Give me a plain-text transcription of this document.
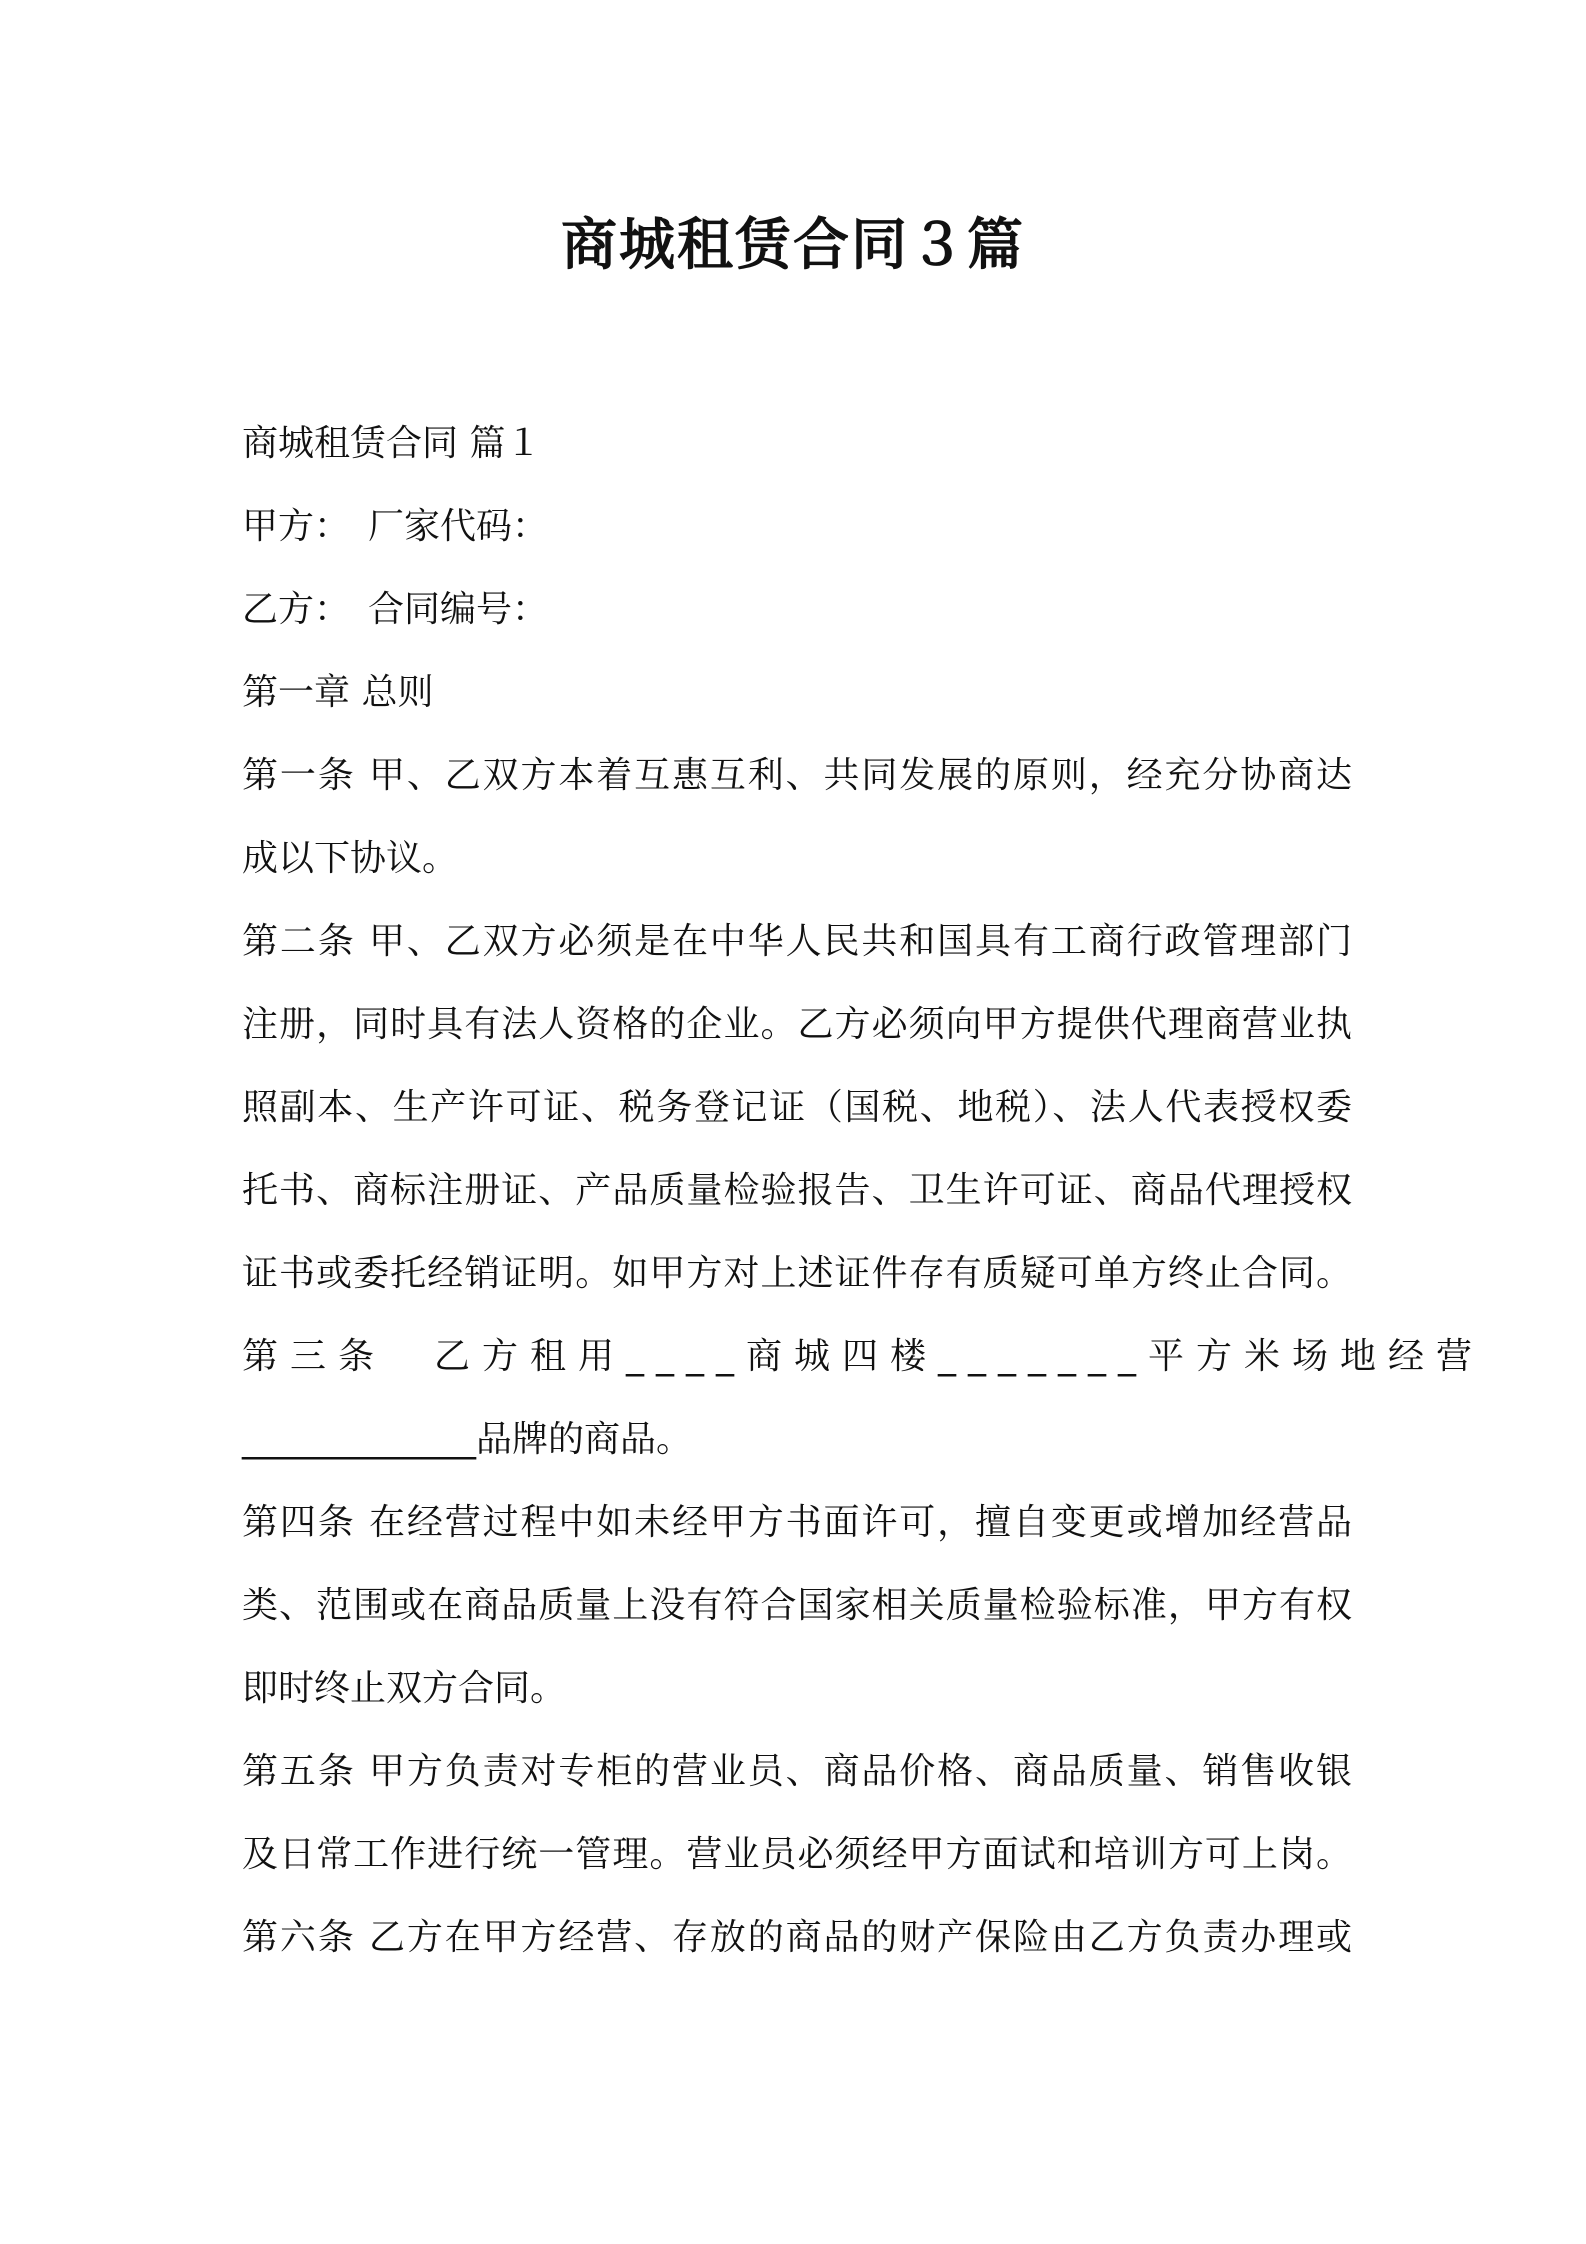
商城租赁合同３篇

商城租赁合同 篇１

甲方：　厂家代码：

乙方：　合同编号：

第一章 总则

第一条 甲、乙双方本着互惠互利、共同发展的原则，经充分协商达

成以下协议。

第二条 甲、乙双方必须是在中华人民共和国具有工商行政管理部门

注册，同时具有法人资格的企业。乙方必须向甲方提供代理商营业执

照副本、生产许可证、税务登记证（国税、地税）、法人代表授权委

托书、商标注册证、产品质量检验报告、卫生许可证、商品代理授权

证书或委托经销证明。如甲方对上述证件存有质疑可单方终止合同。

第三条　乙方租用____商城四楼_______平方米场地经营

_____________品牌的商品。

第四条 在经营过程中如未经甲方书面许可，擅自变更或增加经营品

类、范围或在商品质量上没有符合国家相关质量检验标准，甲方有权

即时终止双方合同。

第五条 甲方负责对专柜的营业员、商品价格、商品质量、销售收银

及日常工作进行统一管理。营业员必须经甲方面试和培训方可上岗。

第六条 乙方在甲方经营、存放的商品的财产保险由乙方负责办理或
